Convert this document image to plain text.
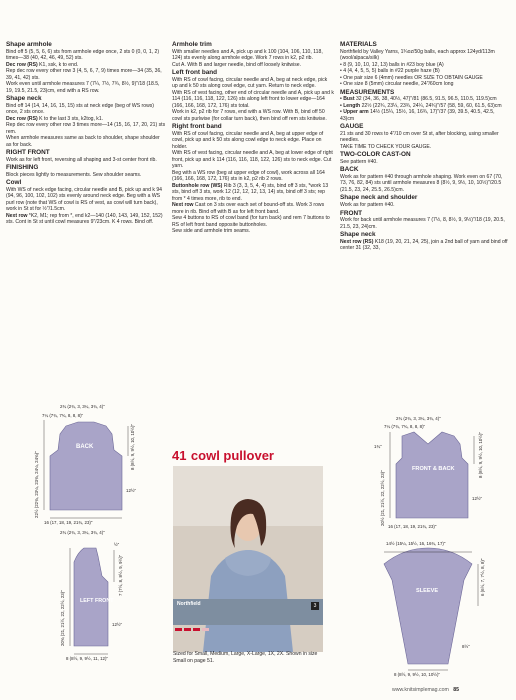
Shape armhole

Bind off 5 (5, 5, 6, 6) sts from armhole edge once, 2 sts 0 (0, 0, 1, 2) times—38 (40, 42, 46, 49, 52) sts.

Dec row (RS) K1, ssk, k to end.

Rep dec row every other row 3 (4, 5, 6, 7, 9) times more—34 (35, 36, 39, 41, 42) sts.

Work even until armhole measures 7 (7¼, 7½, 7¾, 8½, 9)"/18 (18.5, 19, 19.5, 21.5, 23)cm, end with a RS row.

Shape neck

Bind off 14 (14, 14, 16, 15, 15) sts at neck edge (beg of WS rows) once, 2 sts once.

Dec row (RS) K to the last 3 sts, k2tog, k1.

Rep dec row every other row 3 times more—14 (15, 16, 17, 20, 21) sts rem.

When armhole measures same as back to shoulder, shape shoulder as for back.

RIGHT FRONT

Work as for left front, reversing all shaping and 3-st center front rib.

FINISHING

Block pieces lightly to measurements. Sew shoulder seams.

Cowl

With WS of neck edge facing, circular needle and B, pick up and k 94 (94, 96, 100, 102, 102) sts evenly around neck edge. Beg with a WS purl row (note that WS of cowl is RS of vest, as cowl will turn back), work in St st for ½"/1.5cm.

Next row *K2, M1; rep from *, end k2—140 (140, 143, 149, 152, 152) sts. Cont in St st until cowl measures 9"/23cm. K 4 rows. Bind off.

Armhole trim

With smaller needles and A, pick up and k 100 (104, 106, 110, 118, 124) sts evenly along armhole edge. Work 7 rows in k2, p2 rib.

Cut A. With B and larger needle, bind off loosely knitwise.

Left front band

With RS of cowl facing, circular needle and A, beg at neck edge, pick up and k 50 sts along cowl edge, cut yarn. Return to neck edge.

With RS of vest facing, other end of circular needle and A, pick up and k 114 (116, 116, 118, 122, 126) sts along left front to lower edge—164 (166, 166, 168, 172, 176) sts total.

Work in k2, p2 rib for 7 rows, end with a WS row. With B, bind off 50 cowl sts purlwise (for collar turn back), then bind off rem sts knitwise.

Right front band

With RS of cowl facing, circular needle and A, beg at upper edge of cowl, pick up and k 50 sts along cowl edge to neck edge. Place on holder.

With RS of vest facing, circular needle and A, beg at lower edge of right front, pick up and k 114 (116, 116, 118, 122, 126) sts to neck edge. Cut yarn.

Beg with a WS row (beg at upper edge of cowl), work across all 164 (166, 166, 168, 172, 176) sts in k2, p2 rib 2 rows.

Buttonhole row (WS) Rib 3 (3, 3, 5, 4, 4) sts, bind off 3 sts, *work 13 sts, bind off 3 sts, work 12 (12, 12, 12, 13, 14) sts, bind off 3 sts; rep from * 4 times more, rib to end.

Next row Cast on 3 sts over each set of bound-off sts. Work 3 rows more in rib. Bind off with B as for left front band.

Sew 4 buttons to RS of cowl band (for turn back) and rem 7 buttons to RS of left front band opposite buttonholes.

Sew side and armhole trim seams.

MATERIALS

Northfield by Valley Yarns, 1¾oz/50g balls, each approx 124yd/113m (wool/alpaca/silk)

• 8 (9, 10, 10, 12, 13) balls in #23 boy blue (A)

• 4 (4, 4, 5, 5, 5) balls in #22 purple haze (B)

• One pair size 6 (4mm) needles OR SIZE TO OBTAIN GAUGE

• One size 8 (5mm) circular needle, 24"/60cm long

MEASUREMENTS

• Bust 32 (34, 36, 38, 40½, 47)"/81 (86.5, 91.5, 96.5, 110.5, 119.5)cm

• Length 22½ (22¾, 23¼, 23¾, 24¼, 24¾)"/57 (58, 59, 60, 61.5, 63)cm

• Upper arm 14½ (15¼, 15½, 16, 16¾, 17)"/37 (39, 39.5, 40.5, 42.5, 43)cm

GAUGE

21 sts and 30 rows to 4"/10 cm over St st, after blocking, using smaller needles.

TAKE TIME TO CHECK YOUR GAUGE.

TWO-COLOR CAST-ON

See pattern #40.

BACK

Work as for pattern #40 through armhole shaping. Work even on 67 (70, 73, 76, 82, 84) sts until armhole measures 8 (8½, 9, 9½, 10, 10½)"/20.5 (21.5, 23, 24, 25.5, 26.5)cm.

Shape neck and shoulder

Work as for pattern #40.

FRONT

Work for back until armhole measures 7 (7½, 8, 8½, 9, 9½)"/18 (19, 20.5, 21.5, 23, 24)cm.

Shape neck

Next row (RS) K18 (19, 20, 21, 24, 25), join a 2nd ball of yarn and bind off center 31 (32, 33,

BACK
2¾ (2¾, 3, 3¼, 3¾, 4)"
7¼ (7¾, 7¾, 8, 8, 8)"
22½ (22¾, 23¼, 23¾, 24¼, 24¾)"
8 (8½, 9, 9½, 10, 10½)"
12½"
16 (17, 18, 19, 21¾, 23)"
LEFT FRONT
2¾ (2¾, 3, 3¼, 3¾, 4)"
½"
20¾ (21, 21½, 22, 22½, 23)"
7 (7½, 8, 8½, 9, 9½)"
12½"
8 (8½, 9, 9½, 11, 12)"
FRONT & BACK
2¾ (2¾, 3, 3¼, 3¾, 4)"
7¼ (7¾, 7¾, 8, 8, 8)"
1¾"
20½ (21, 21½, 22, 22½, 23)"
8 (8½, 9, 9½, 10, 10½)"
12½"
16 (17, 18, 19, 21¾, 23)"
SLEEVE
14½ (15¼, 15½, 16, 16¾, 17)"
6 (6½, 7, 7½, 8, 8)"
8½"
8 (8½, 9, 9½, 10, 10½)"
41 cowl pullover
Northfield	3
Sized for Small, Medium, Large, X-Large, 1X, 2X. Shown in size Small on page 51.
www.knitsimplemag.com 85
